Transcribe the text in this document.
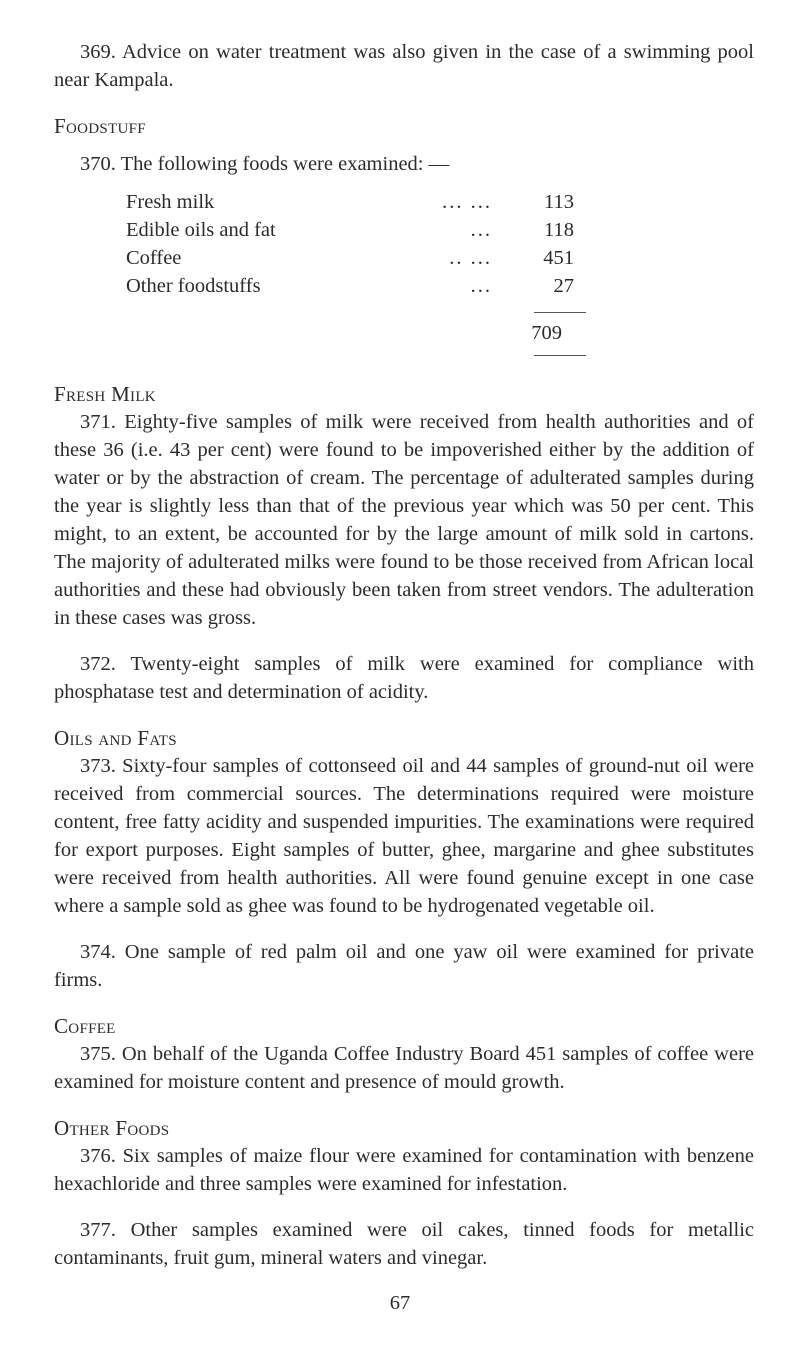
369. Advice on water treatment was also given in the case of a swimming pool near Kampala.

Foodstuff

370. The following foods were examined: —

Fresh milk	... ...	113
Edible oils and fat	...	118
Coffee	.. ...	451
Other foodstuffs	...	27
709
Fresh Milk

371. Eighty-five samples of milk were received from health authorities and of these 36 (i.e. 43 per cent) were found to be impoverished either by the addition of water or by the abstraction of cream. The percentage of adulterated samples during the year is slightly less than that of the previous year which was 50 per cent. This might, to an extent, be accounted for by the large amount of milk sold in cartons. The majority of adulterated milks were found to be those received from African local authorities and these had obviously been taken from street vendors. The adulteration in these cases was gross.

372. Twenty-eight samples of milk were examined for compliance with phosphatase test and determination of acidity.

Oils and Fats

373. Sixty-four samples of cottonseed oil and 44 samples of ground-nut oil were received from commercial sources. The determinations required were moisture content, free fatty acidity and suspended impurities. The examinations were required for export purposes. Eight samples of butter, ghee, margarine and ghee substitutes were received from health authorities. All were found genuine except in one case where a sample sold as ghee was found to be hydrogenated vegetable oil.

374. One sample of red palm oil and one yaw oil were examined for private firms.

Coffee

375. On behalf of the Uganda Coffee Industry Board 451 samples of coffee were examined for moisture content and presence of mould growth.

Other Foods

376. Six samples of maize flour were examined for contamination with benzene hexachloride and three samples were examined for infestation.

377. Other samples examined were oil cakes, tinned foods for metallic contaminants, fruit gum, mineral waters and vinegar.

67
